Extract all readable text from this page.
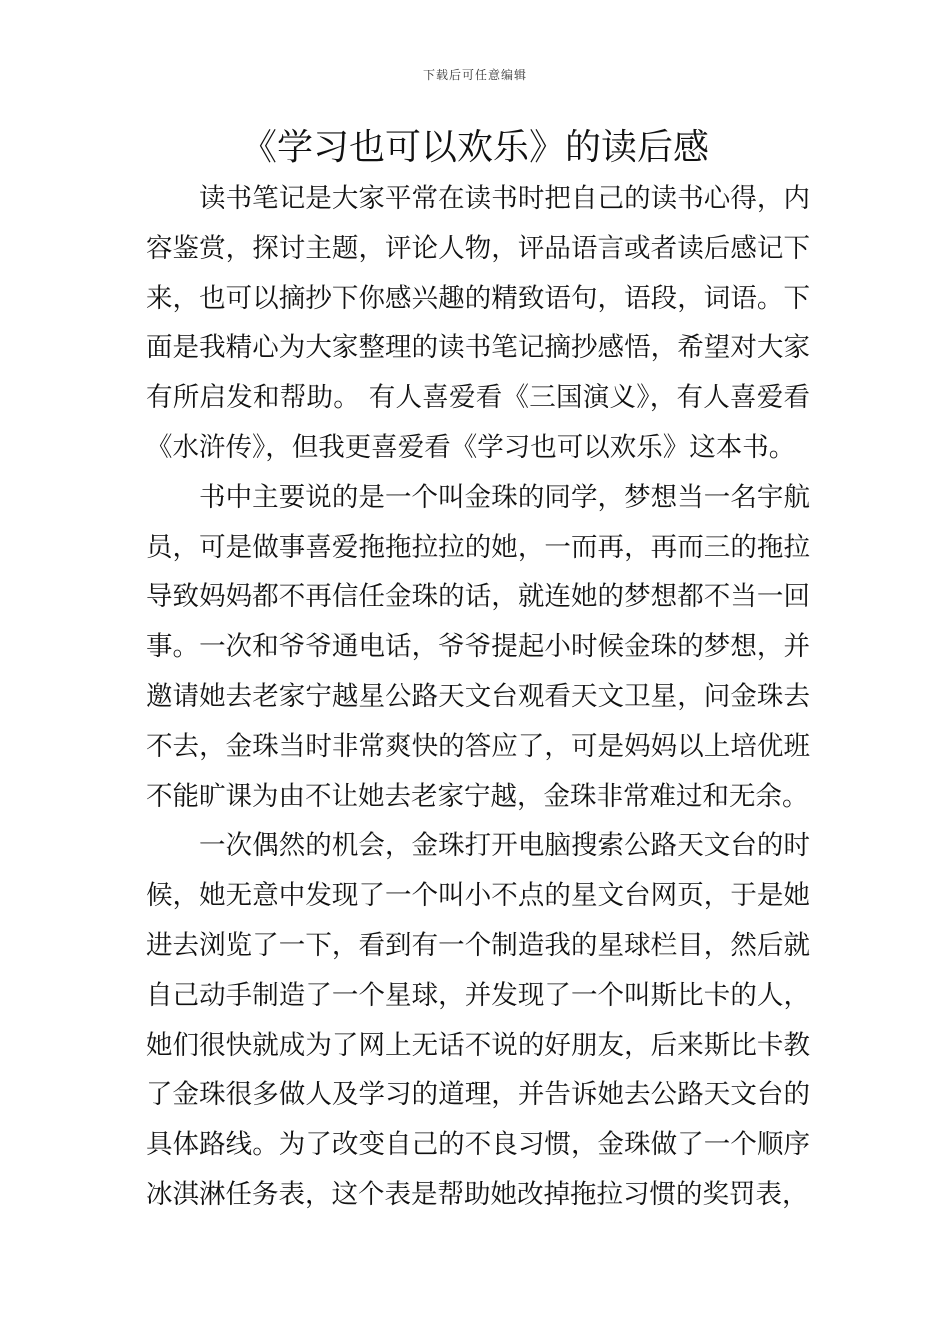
下载后可任意编辑
《学习也可以欢乐》的读后感

读书笔记是大家平常在读书时把自己的读书心得，内容鉴赏，探讨主题，评论人物，评品语言或者读后感记下来，也可以摘抄下你感兴趣的精致语句，语段，词语。下面是我精心为大家整理的读书笔记摘抄感悟，希望对大家有所启发和帮助。 有人喜爱看《三国演义》，有人喜爱看《水浒传》，但我更喜爱看《学习也可以欢乐》这本书。

书中主要说的是一个叫金珠的同学，梦想当一名宇航员，可是做事喜爱拖拖拉拉的她，一而再，再而三的拖拉导致妈妈都不再信任金珠的话，就连她的梦想都不当一回事。一次和爷爷通电话，爷爷提起小时候金珠的梦想，并邀请她去老家宁越星公路天文台观看天文卫星，问金珠去不去，金珠当时非常爽快的答应了，可是妈妈以上培优班不能旷课为由不让她去老家宁越，金珠非常难过和无余。

一次偶然的机会，金珠打开电脑搜索公路天文台的时候，她无意中发现了一个叫小不点的星文台网页，于是她进去浏览了一下，看到有一个制造我的星球栏目，然后就自己动手制造了一个星球，并发现了一个叫斯比卡的人，她们很快就成为了网上无话不说的好朋友，后来斯比卡教了金珠很多做人及学习的道理，并告诉她去公路天文台的具体路线。为了改变自己的不良习惯，金珠做了一个顺序冰淇淋任务表，这个表是帮助她改掉拖拉习惯的奖罚表，
